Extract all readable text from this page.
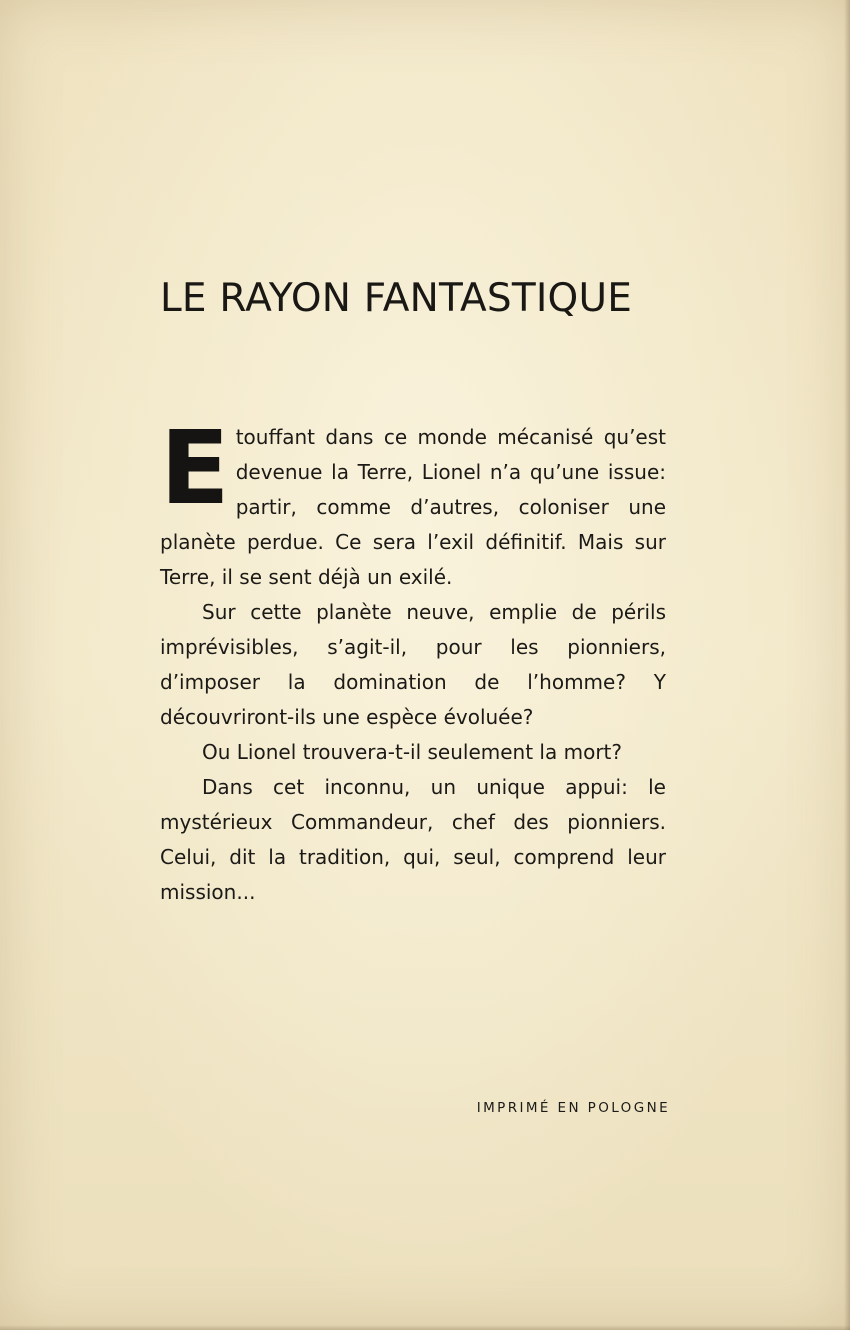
LE RAYON FANTASTIQUE

Etouffant dans ce monde mécanisé qu’est devenue la Terre, Lionel n’a qu’une issue: partir, comme d’autres, coloniser une planète perdue. Ce sera l’exil définitif. Mais sur Terre, il se sent déjà un exilé.

Sur cette planète neuve, emplie de périls imprévisibles, s’agit-il, pour les pionniers, d’imposer la domination de l’homme? Y découvriront-ils une espèce évoluée?

Ou Lionel trouvera-t-il seulement la mort?

Dans cet inconnu, un unique appui: le mystérieux Commandeur, chef des pionniers. Celui, dit la tradition, qui, seul, comprend leur mission...

IMPRIMÉ EN POLOGNE
